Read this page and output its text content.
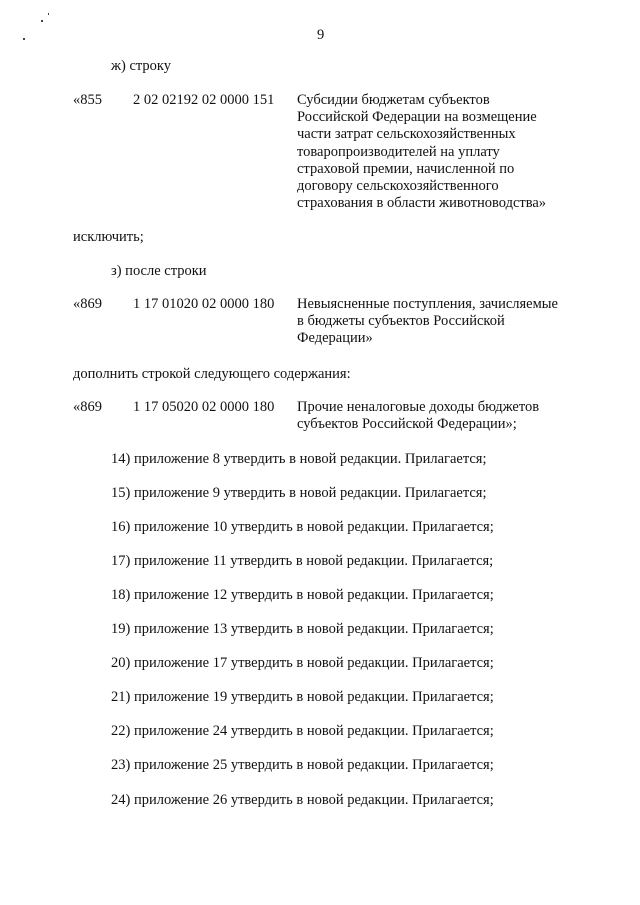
9
ж) строку
«855 2 02 02192 02 0000 151 Субсидии бюджетам субъектов
Российской Федерации на возмещение
части затрат сельскохозяйственных
товаропроизводителей на уплату
страховой премии, начисленной по
договору сельскохозяйственного
страхования в области животноводства»
исключить;
з) после строки
«869 1 17 01020 02 0000 180 Невыясненные поступления, зачисляемые
в бюджеты субъектов Российской
Федерации»
дополнить строкой следующего содержания:
«869 1 17 05020 02 0000 180 Прочие неналоговые доходы бюджетов
субъектов Российской Федерации»;
14) приложение 8 утвердить в новой редакции. Прилагается;
15) приложение 9 утвердить в новой редакции. Прилагается;
16) приложение 10 утвердить в новой редакции. Прилагается;
17) приложение 11 утвердить в новой редакции. Прилагается;
18) приложение 12 утвердить в новой редакции. Прилагается;
19) приложение 13 утвердить в новой редакции. Прилагается;
20) приложение 17 утвердить в новой редакции. Прилагается;
21) приложение 19 утвердить в новой редакции. Прилагается;
22) приложение 24 утвердить в новой редакции. Прилагается;
23) приложение 25 утвердить в новой редакции. Прилагается;
24) приложение 26 утвердить в новой редакции. Прилагается;
